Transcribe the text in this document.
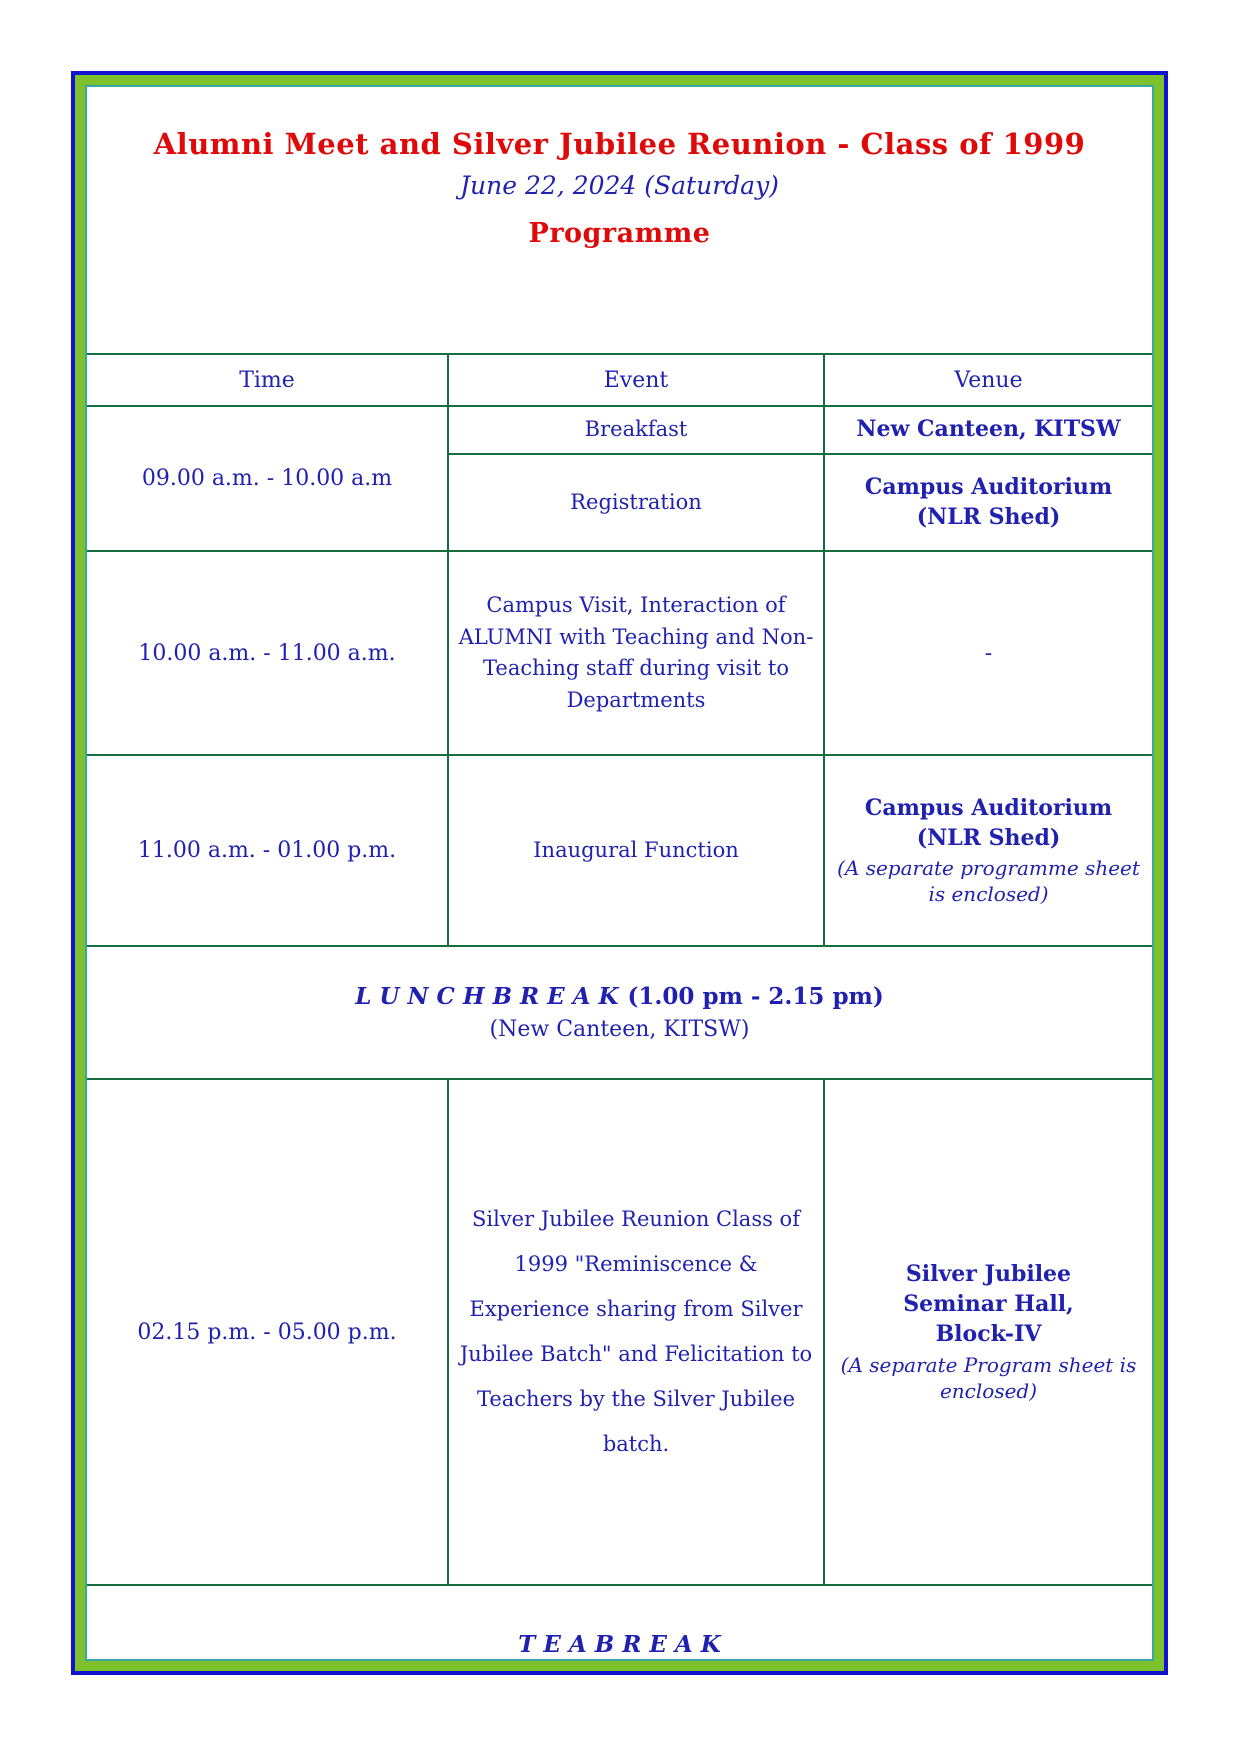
Alumni Meet and Silver Jubilee Reunion - Class of 1999
June 22, 2024 (Saturday)
Programme
Time	Event	Venue
09.00 a.m. - 10.00 a.m	Breakfast	New Canteen, KITSW

	Registration	Campus Auditorium
(NLR Shed)

10.00 a.m. - 11.00 a.m.	Campus Visit, Interaction of ALUMNI with Teaching and Non-Teaching staff during visit to Departments	-
11.00 a.m. - 01.00 p.m.	Inaugural Function	Campus Auditorium
(NLR Shed)
(A separate programme sheet is enclosed)

L U N C H B R E A K (1.00 pm - 2.15 pm)
(New Canteen, KITSW)		

02.15 p.m. - 05.00 p.m.	Silver Jubilee Reunion Class of 1999 "Reminiscence & Experience sharing from Silver Jubilee Batch" and Felicitation to Teachers by the Silver Jubilee batch.	Silver Jubilee
Seminar Hall,
Block-IV
(A separate Program sheet is enclosed)

T E A B R E A K		
